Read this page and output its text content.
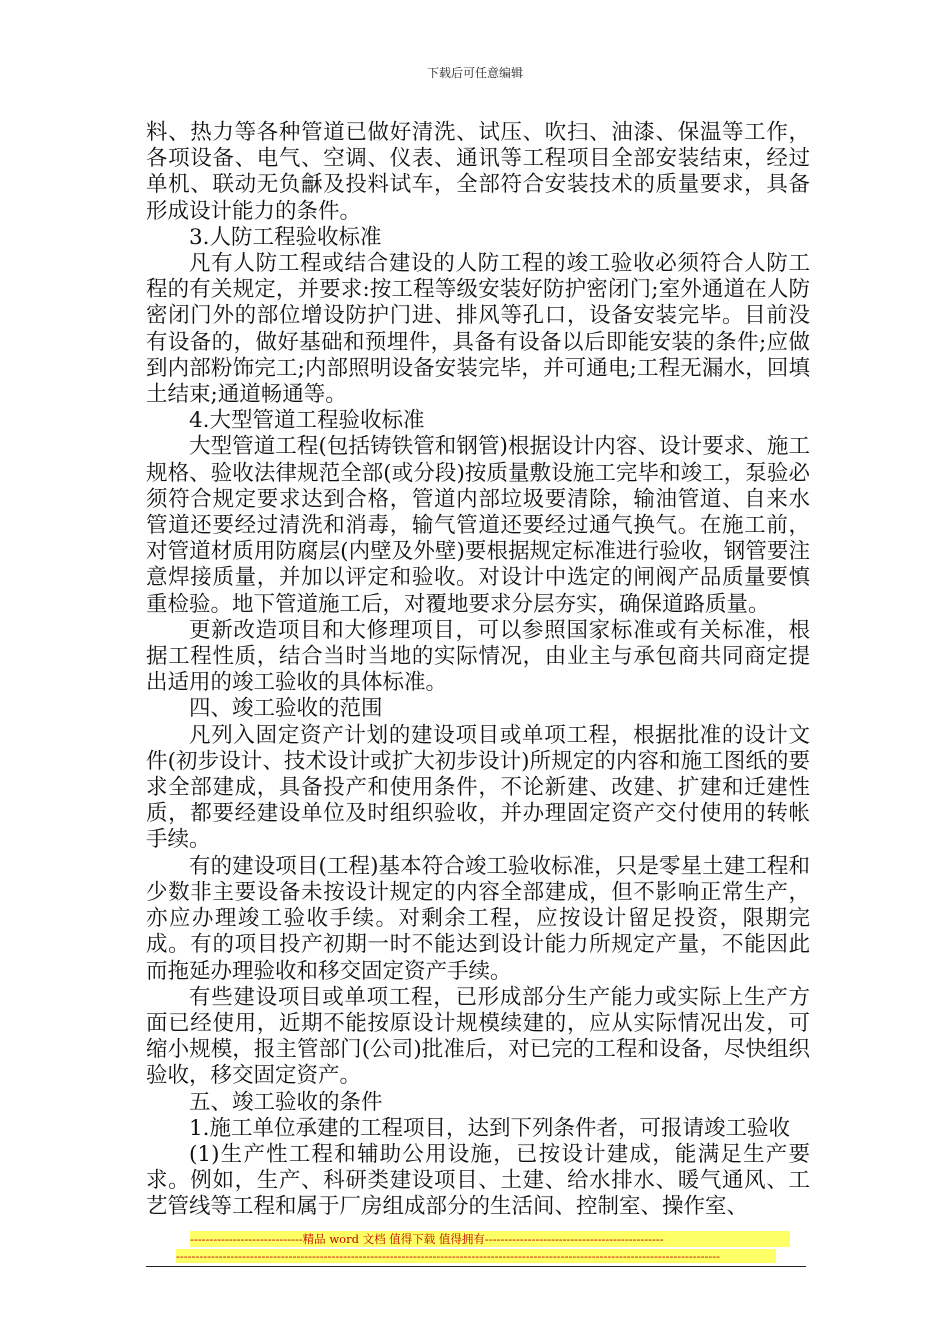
下载后可任意编辑

料、热力等各种管道已做好清洗、试压、吹扫、油漆、保温等工作，各项设备、电气、空调、仪表、通讯等工程项目全部安装结束，经过单机、联动无负龢及投料试车，全部符合安装技术的质量要求，具备形成设计能力的条件。

3.人防工程验收标准

凡有人防工程或结合建设的人防工程的竣工验收必须符合人防工程的有关规定，并要求:按工程等级安装好防护密闭门;室外通道在人防密闭门外的部位增设防护门进、排风等孔口，设备安装完毕。目前没有设备的，做好基础和预埋件，具备有设备以后即能安装的条件;应做到内部粉饰完工;内部照明设备安装完毕，并可通电;工程无漏水，回填土结束;通道畅通等。

4.大型管道工程验收标准

大型管道工程(包括铸铁管和钢管)根据设计内容、设计要求、施工规格、验收法律规范全部(或分段)按质量敷设施工完毕和竣工，泵验必须符合规定要求达到合格，管道内部垃圾要清除，输油管道、自来水管道还要经过清洗和消毒，输气管道还要经过通气换气。在施工前，对管道材质用防腐层(内壁及外壁)要根据规定标准进行验收，钢管要注意焊接质量，并加以评定和验收。对设计中选定的闸阀产品质量要慎重检验。地下管道施工后，对覆地要求分层夯实，确保道路质量。

更新改造项目和大修理项目，可以参照国家标准或有关标准，根据工程性质，结合当时当地的实际情况，由业主与承包商共同商定提出适用的竣工验收的具体标准。

四、竣工验收的范围

凡列入固定资产计划的建设项目或单项工程，根据批准的设计文件(初步设计、技术设计或扩大初步设计)所规定的内容和施工图纸的要求全部建成，具备投产和使用条件，不论新建、改建、扩建和迁建性质，都要经建设单位及时组织验收，并办理固定资产交付使用的转帐手续。

有的建设项目(工程)基本符合竣工验收标准，只是零星土建工程和少数非主要设备未按设计规定的内容全部建成，但不影响正常生产，亦应办理竣工验收手续。对剩余工程，应按设计留足投资，限期完成。有的项目投产初期一时不能达到设计能力所规定产量，不能因此而拖延办理验收和移交固定资产手续。

有些建设项目或单项工程，已形成部分生产能力或实际上生产方面已经使用，近期不能按原设计规模续建的，应从实际情况出发，可缩小规模，报主管部门(公司)批准后，对已完的工程和设备，尽快组织验收，移交固定资产。

五、竣工验收的条件

1.施工单位承建的工程项目，达到下列条件者，可报请竣工验收

(1)生产性工程和辅助公用设施，已按设计建成，能满足生产要求。例如，生产、科研类建设项目、土建、给水排水、暖气通风、工艺管线等工程和属于厂房组成部分的生活间、控制室、操作室、

-----------------------------精品 word 文档 值得下载 值得拥有----------------------------------------------
--------------------------------------------------------------------------------------------------------------------------------------------
